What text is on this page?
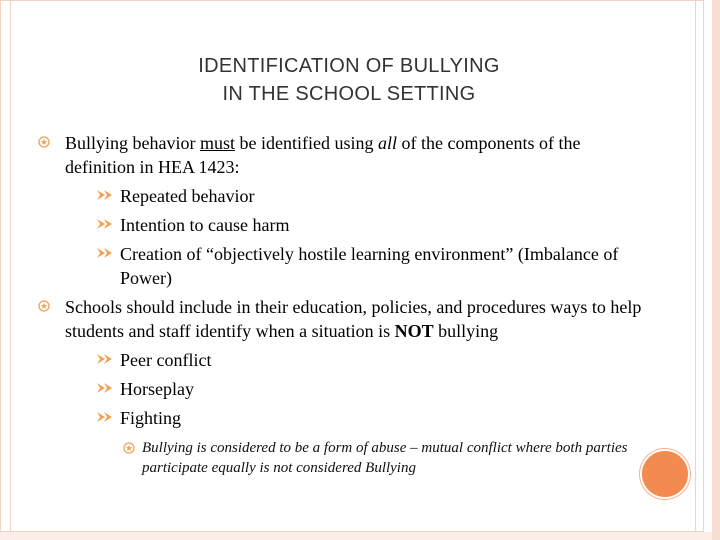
IDENTIFICATION OF BULLYING
IN THE SCHOOL SETTING
Bullying behavior must be identified using all of the components of the definition in HEA 1423:
Repeated behavior
Intention to cause harm
Creation of “objectively hostile learning environment” (Imbalance of Power)
Schools should include in their education, policies, and procedures ways to help students and staff identify when a situation is NOT bullying
Peer conflict
Horseplay
Fighting
Bullying is considered to be a form of abuse – mutual conflict where both parties participate equally is not considered Bullying
